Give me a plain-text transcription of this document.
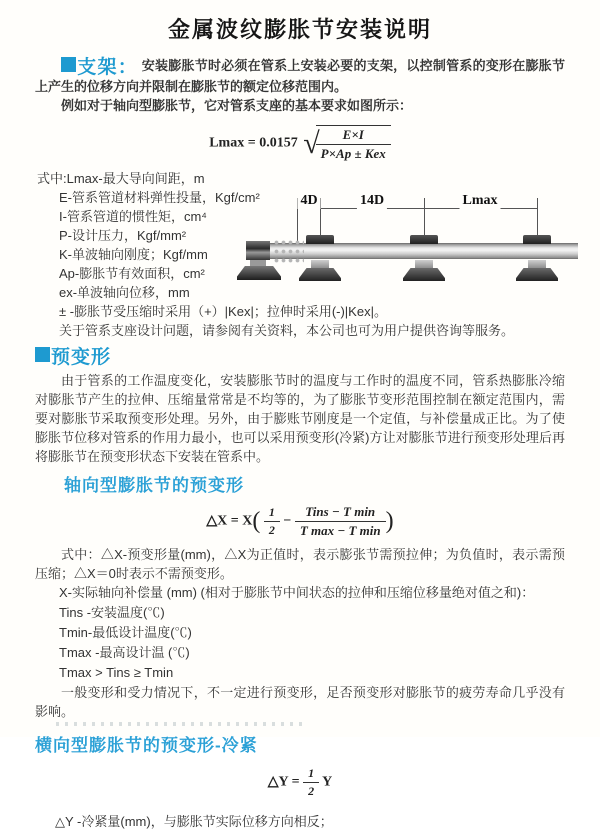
金属波纹膨胀节安装说明
支架： 安装膨胀节时必须在管系上安装必要的支架，以控制管系的变形在膨胀节上产生的位移方向并限制在膨胀节的额定位移范围内。
例如对于轴向型膨胀节，它对管系支座的基本要求如图所示：
Lmax = 0.0157 √
$\frac{E\times I}{\text{P×Ap ± Kex}}$
式中:Lmax-最大导向间距，m
E-管系管道材料弹性投量，Kgf/cm²
I-管系管道的惯性矩，cm⁴
P-设计压力，Kgf/mm²
K-单波轴向刚度；Kgf/mm
Ap-膨胀节有效面积，cm²
ex-单波轴向位移，mm
± -膨胀节受压缩时采用（+）|Kex|；拉伸时采用(-)|Kex|。
关于管系支座设计问题，请参阅有关资料，本公司也可为用户提供咨询等服务。
预变形
由于管系的工作温度变化，安装膨胀节时的温度与工作时的温度不同，管系热膨胀冷缩对膨胀节产生的拉伸、压缩量常常是不均等的，为了膨胀节变形范围控制在额定范围内，需要对膨胀节采取预变形处理。另外，由于膨账节刚度是一个定值，与补偿量成正比。为了使膨胀节位移对管系的作用力最小，也可以采用预变形(冷紧)方让对膨胀节进行预变形处理后再将膨胀节在预变形状态下安装在管系中。
轴向型膨胀节的预变形
△X = $X( \frac{1}{2} - \frac{\text{Tins − T min}}{\text{T max − T min}}$ )
式中：△X-预变形量(mm)，△X为正值时，表示膨张节需预拉伸；为负值时，表示需预压缩；△X＝0时表示不需预变形。
X-实际轴向补偿量 (mm) (相对于膨胀节中间状态的拉伸和压缩位移量绝对值之和)：
Tins -安装温度(℃)
Tmin-最低设计温度(℃)
Tmax -最高设计温 (℃)
Tmax > Tins ≥ Tmin
一般变形和受力情况下，不一定进行预变形，足否预变形对膨胀节的疲劳寿命几乎没有影响。
横向型膨胀节的预变形-冷紧
△Y = $\frac{1}{2}$ Y
△Y -冷紧量(mm)，与膨胀节实际位移方向相反；
4D	14D	Lmax
